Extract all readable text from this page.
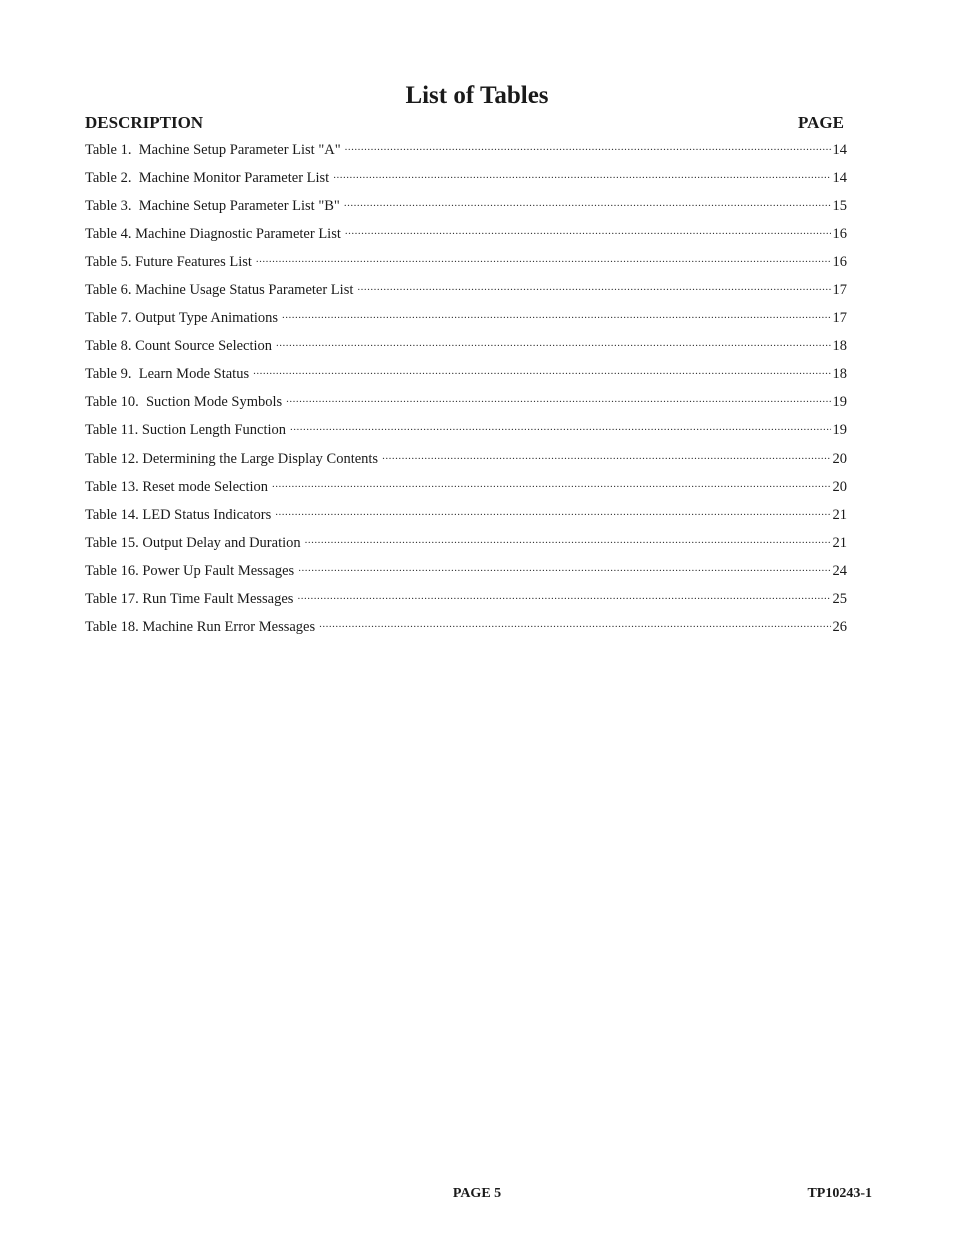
List of Tables
DESCRIPTION	PAGE
Table 1.  Machine Setup Parameter List "A" .....	14
Table 2.  Machine Monitor Parameter List .....	14
Table 3.  Machine Setup Parameter List "B" .....	15
Table 4. Machine Diagnostic Parameter List .....	16
Table 5. Future Features List .....	16
Table 6. Machine Usage Status Parameter List .....	17
Table 7. Output Type Animations .....	17
Table 8. Count Source Selection .....	18
Table 9.  Learn Mode Status .....	18
Table 10.  Suction Mode Symbols .....	19
Table 11. Suction Length Function .....	19
Table 12. Determining the Large Display Contents .....	20
Table 13. Reset mode Selection .....	20
Table 14. LED Status Indicators .....	21
Table 15. Output Delay and Duration .....	21
Table 16. Power Up Fault Messages .....	24
Table 17. Run Time Fault Messages .....	25
Table 18. Machine Run Error Messages .....	26
PAGE 5	TP10243-1
